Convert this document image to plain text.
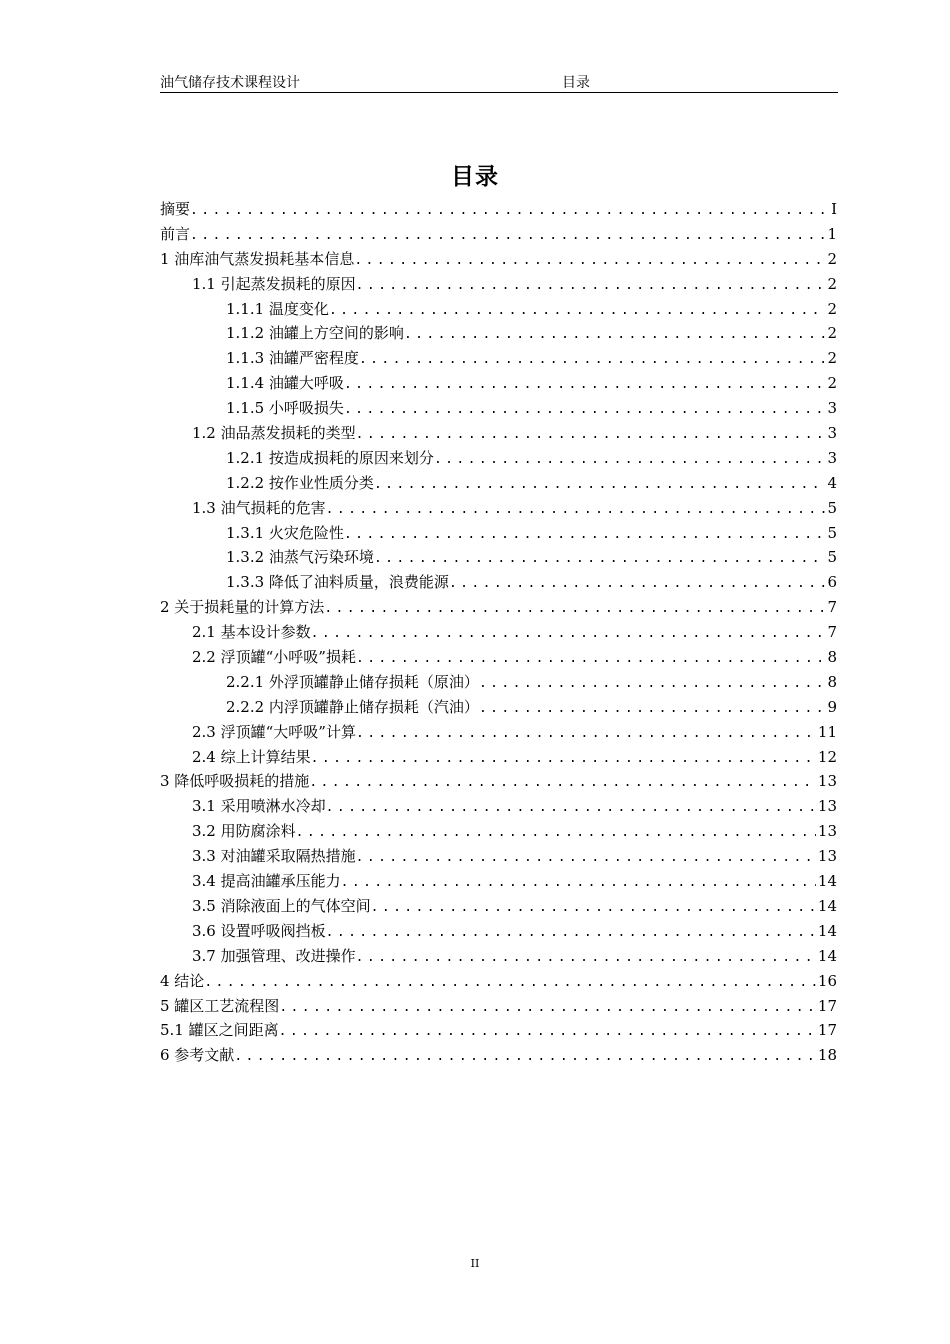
油气储存技术课程设计	目录
目录
摘要 .....	I
前言 .....	1
1 油库油气蒸发损耗基本信息 .....	2
1.1 引起蒸发损耗的原因 .....	2
1.1.1 温度变化 .....	2
1.1.2 油罐上方空间的影响 .....	2
1.1.3 油罐严密程度 .....	2
1.1.4 油罐大呼吸 .....	2
1.1.5 小呼吸损失 .....	3
1.2 油品蒸发损耗的类型 .....	3
1.2.1 按造成损耗的原因来划分 .....	3
1.2.2 按作业性质分类 .....	4
1.3 油气损耗的危害 .....	5
1.3.1 火灾危险性 .....	5
1.3.2 油蒸气污染环境 .....	5
1.3.3 降低了油料质量，浪费能源 .....	6
2 关于损耗量的计算方法 .....	7
2.1 基本设计参数 .....	7
2.2 浮顶罐“小呼吸”损耗 .....	8
2.2.1 外浮顶罐静止储存损耗（原油） .....	8
2.2.2 内浮顶罐静止储存损耗（汽油） .....	9
2.3 浮顶罐“大呼吸”计算 .....	11
2.4 综上计算结果 .....	12
3 降低呼吸损耗的措施 .....	13
3.1 采用喷淋水冷却 .....	13
3.2 用防腐涂料 .....	13
3.3 对油罐采取隔热措施 .....	13
3.4 提高油罐承压能力 .....	14
3.5 消除液面上的气体空间 .....	14
3.6 设置呼吸阀挡板 .....	14
3.7 加强管理、改进操作 .....	14
4 结论 .....	16
5 罐区工艺流程图 .....	17
5.1 罐区之间距离 .....	17
6 参考文献 .....	18
II
